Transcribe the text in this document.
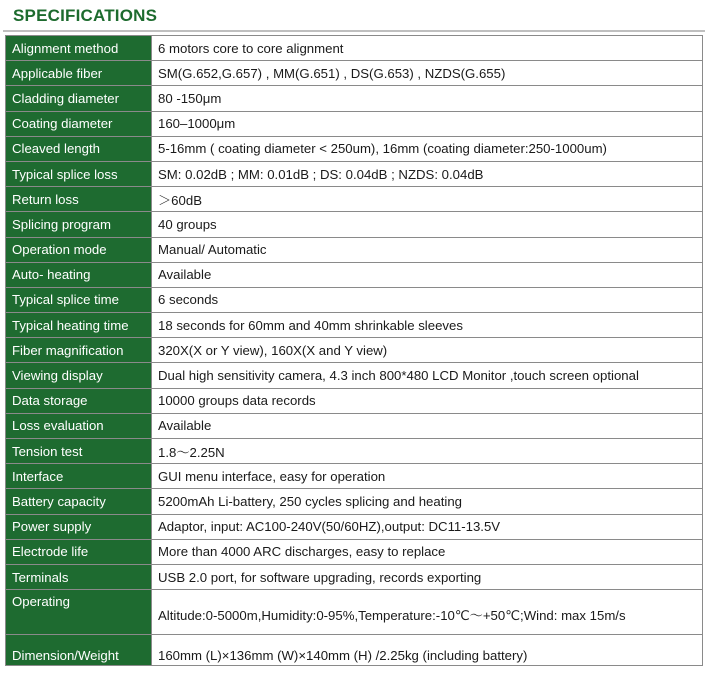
SPECIFICATIONS
Alignment method	6 motors core to core alignment
Applicable fiber	SM(G.652,G.657) , MM(G.651) , DS(G.653) , NZDS(G.655)
Cladding diameter	80 -150μm
Coating diameter	160–1000μm
Cleaved length	5-16mm ( coating diameter < 250um), 16mm (coating diameter:250-1000um)
Typical splice loss	SM: 0.02dB ; MM: 0.01dB ; DS: 0.04dB ; NZDS: 0.04dB
Return loss	＞60dB
Splicing program	40 groups
Operation mode	Manual/ Automatic
Auto- heating	Available
Typical splice time	6 seconds
Typical heating time	18 seconds for 60mm and 40mm shrinkable sleeves
Fiber magnification	320X(X or Y view), 160X(X and Y view)
Viewing display	Dual high sensitivity camera, 4.3 inch 800*480 LCD Monitor ,touch screen optional
Data storage	10000 groups data records
Loss evaluation	Available
Tension test	1.8～2.25N
Interface	GUI menu interface, easy for operation
Battery capacity	5200mAh Li-battery, 250 cycles splicing and heating
Power supply	Adaptor, input: AC100-240V(50/60HZ),output: DC11-13.5V
Electrode life	More than 4000 ARC discharges, easy to replace
Terminals	USB 2.0 port, for software upgrading, records exporting
Operating	Altitude:0-5000m,Humidity:0-95%,Temperature:-10℃～+50℃;Wind: max 15m/s
Dimension/Weight	160mm (L)×136mm (W)×140mm (H) /2.25kg (including battery)
